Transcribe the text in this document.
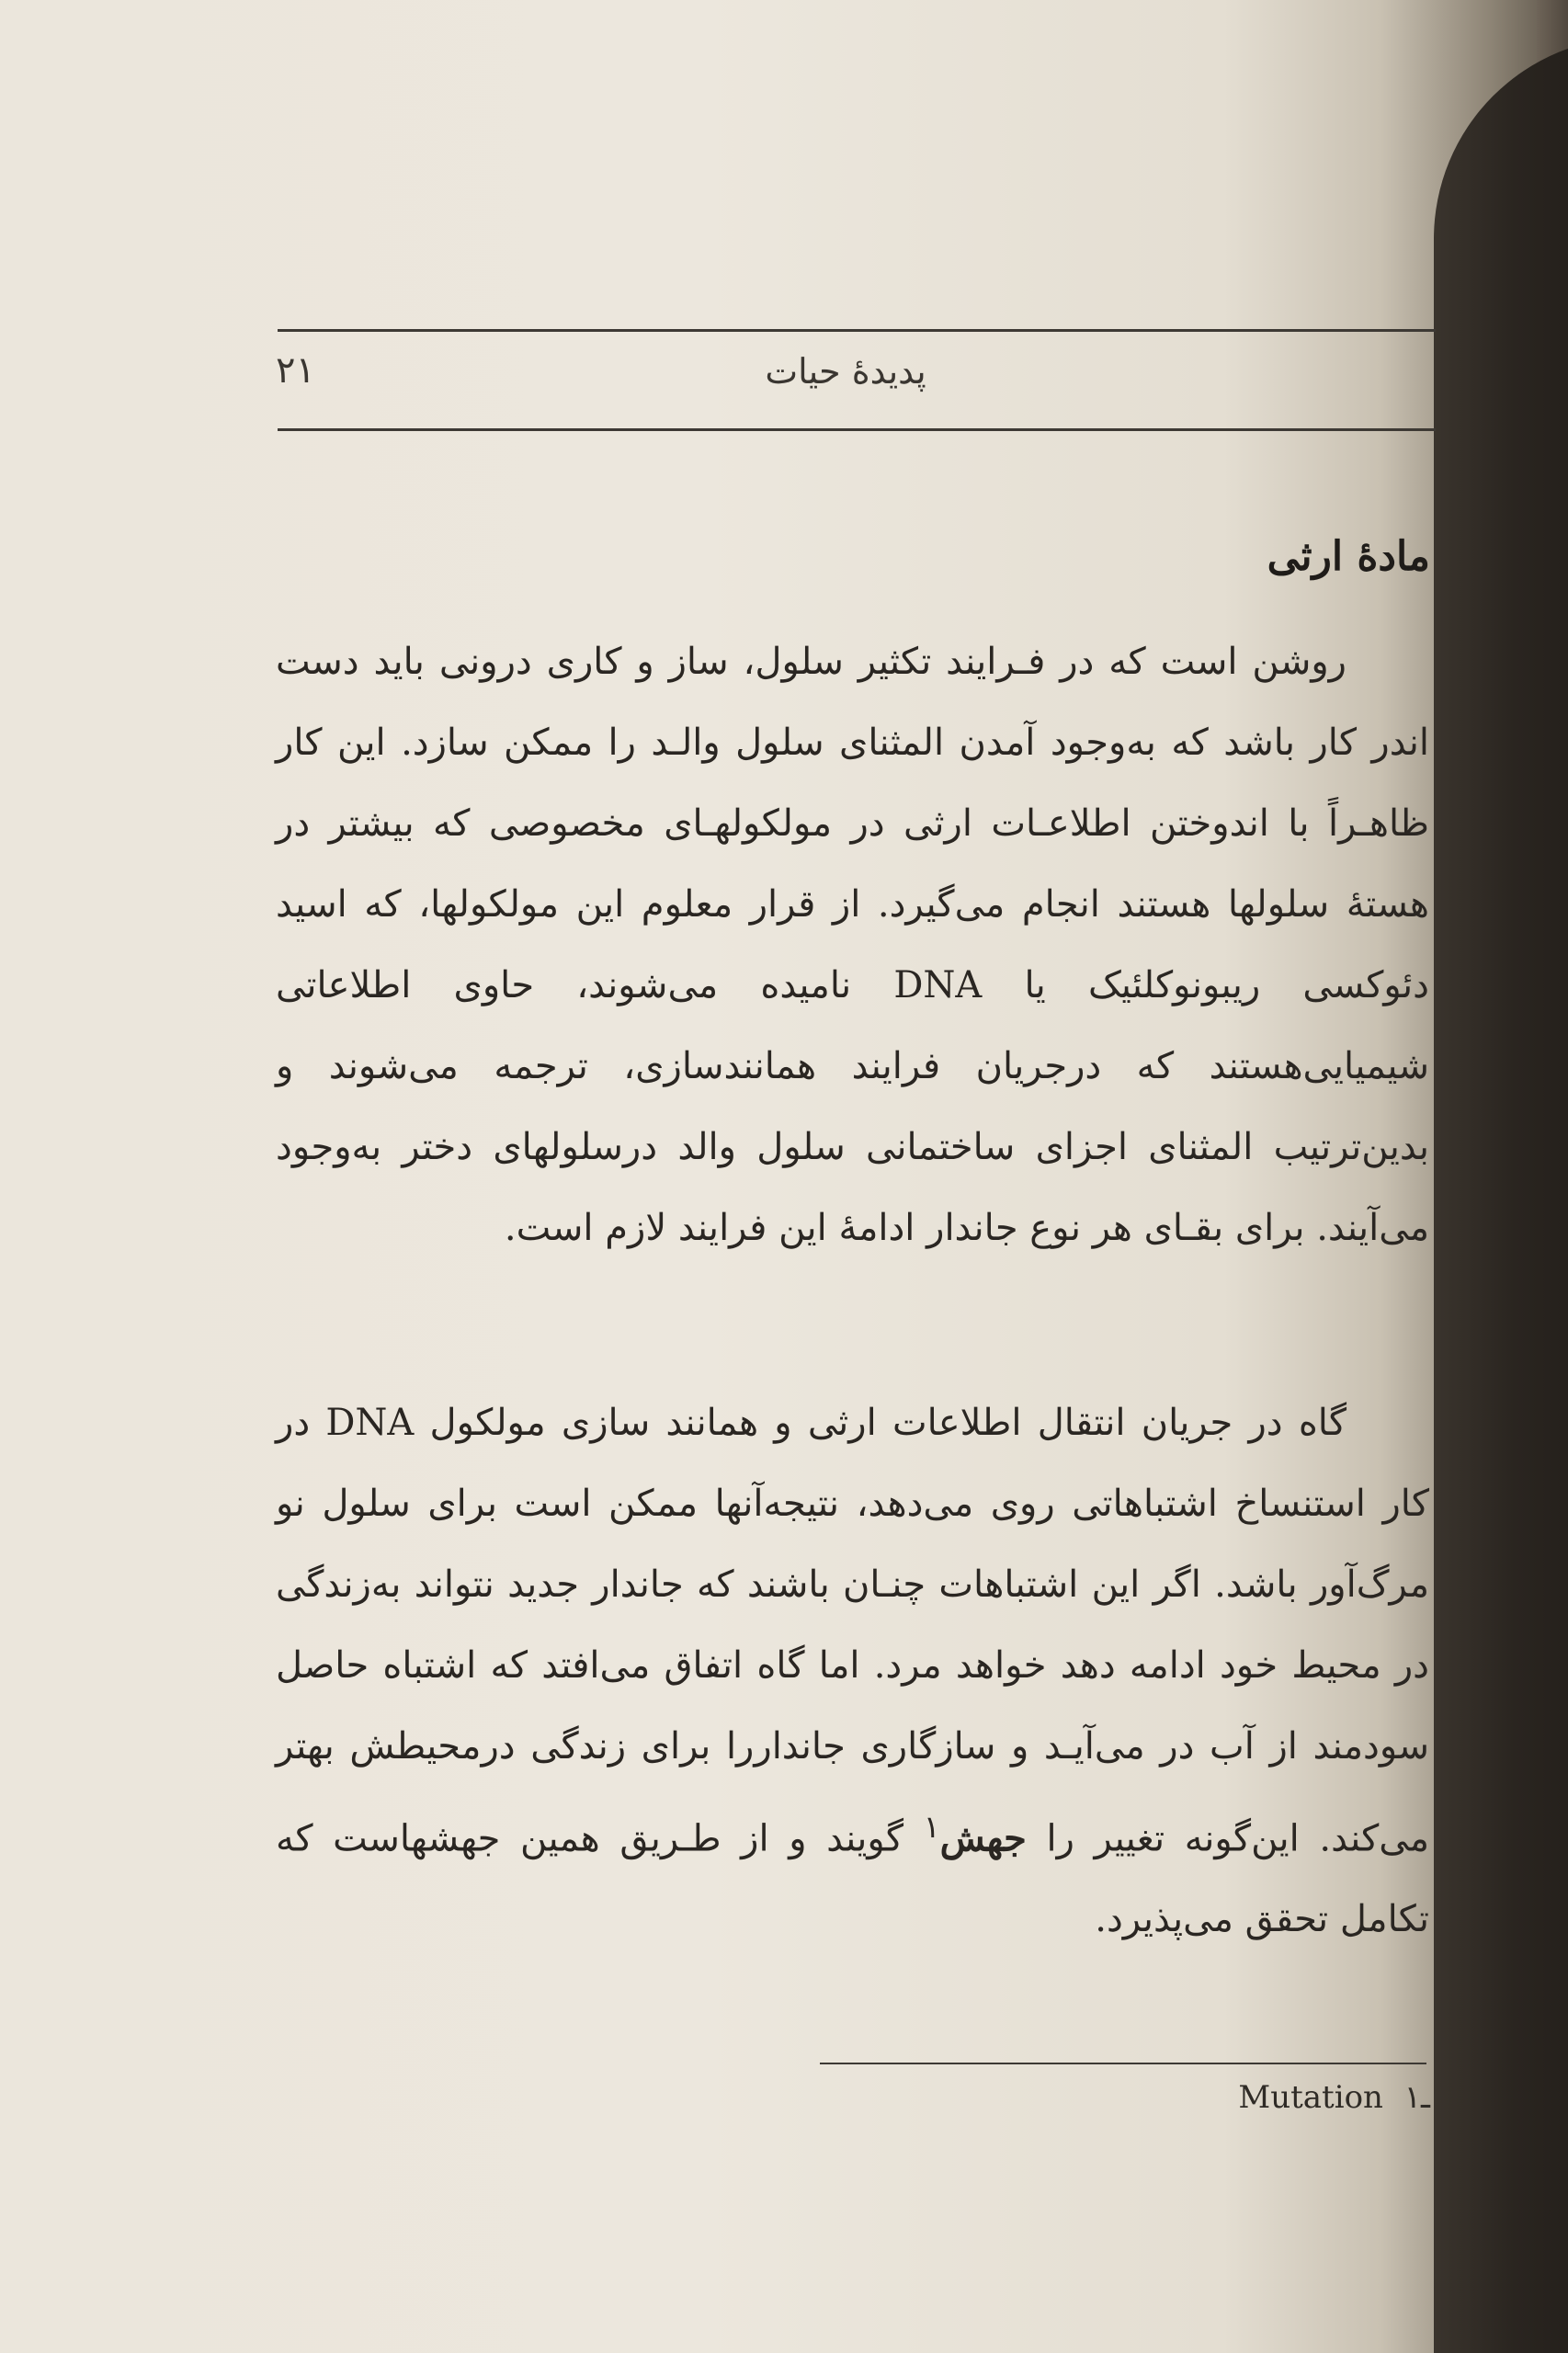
۲۱	پدیدهٔ حیات
مادهٔ ارثی

روشن است که در فـرایند تکثیر سلول، ساز و کاری درونی باید دست اندر کار باشد که به‌وجود آمدن المثنای سلول والـد را ممکن سازد. این کار ظاهـراً با اندوختن اطلاعـات ارثی در مولکولهـای مخصوصی که بیشتر در هستهٔ سلولها هستند انجام می‌گیرد. از قرار معلوم این مولکولها، که اسید دئوکسی ریبونوکلئیک یا DNA نامیده می‌شوند، حاوی اطلاعاتی شیمیایی‌هستند که درجریان فرایند همانند‌سازی، ترجمه می‌شوند و بدین‌ترتیب المثنای اجزای ساختمانی سلول والد درسلولهای دختر به‌وجود می‌آیند. برای بقـای هر نوع جاندار ادامهٔ این فرایند لازم است.

گاه در جریان انتقال اطلاعات ارثی و همانند سازی مولکول DNA در کار استنساخ اشتباهاتی روی می‌دهد، نتیجه‌آنها ممکن است برای سلول نو مرگ‌آور باشد. اگر این اشتباهات چنـان باشند که جاندار جدید نتواند به‌زندگی در محیط خود ادامه دهد خواهد مرد. اما گاه اتفاق می‌افتد که اشتباه حاصل سودمند از آب در می‌آیـد و سازگاری جانداررا برای زندگی درمحیطش بهتر می‌کند. این‌گونه تغییر را جهش$^۱$ گویند و از طـریق همین جهشهاست که تکامل تحقق می‌پذیرد.

Mutation ۱ـ
